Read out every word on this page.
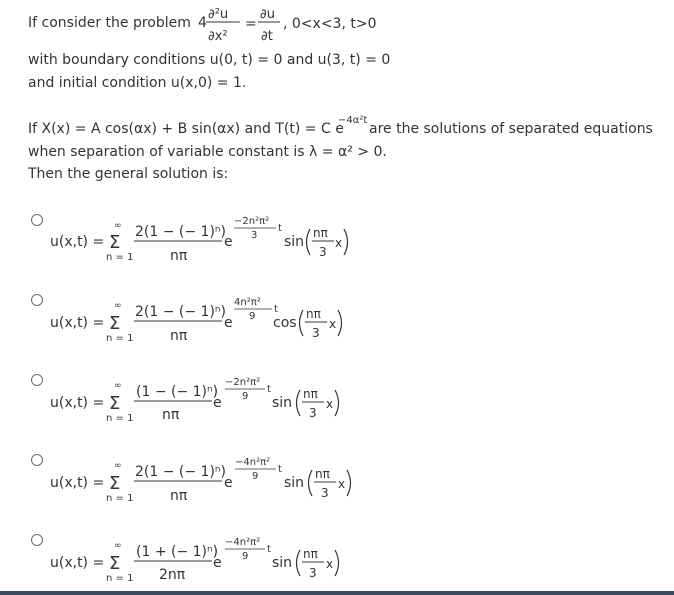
If consider the problem 4
∂²u
∂x²
=
∂u
∂t
, 0<x<3, t>0
with boundary conditions u(0, t) = 0 and u(3, t) = 0
and initial condition u(x,0) = 1.
If X(x) = A cos(αx) + B sin(αx) and T(t) = C e
−4α²t
are the solutions of separated equations
when separation of variable constant is λ = α² > 0.
Then the general solution is:
u(x,t) =
∞
Σ
n = 1
2(1 − (− 1)ⁿ)
nπ
e
−2n²π²
3
t
sin
nπ
3
x
u(x,t) =
∞
Σ
n = 1
2(1 − (− 1)ⁿ)
nπ
e
4n²π²
9
t
cos
nπ
3
x
u(x,t) =
∞
Σ
n = 1
(1 − (− 1)ⁿ)
nπ
e
−2n²π²
9
t
sin
nπ
3
x
u(x,t) =
∞
Σ
n = 1
2(1 − (− 1)ⁿ)
nπ
e
−4n²π²
9
t
sin
nπ
3
x
u(x,t) =
∞
Σ
n = 1
(1 + (− 1)ⁿ)
2nπ
e
−4n²π²
9
t
sin
nπ
3
x
